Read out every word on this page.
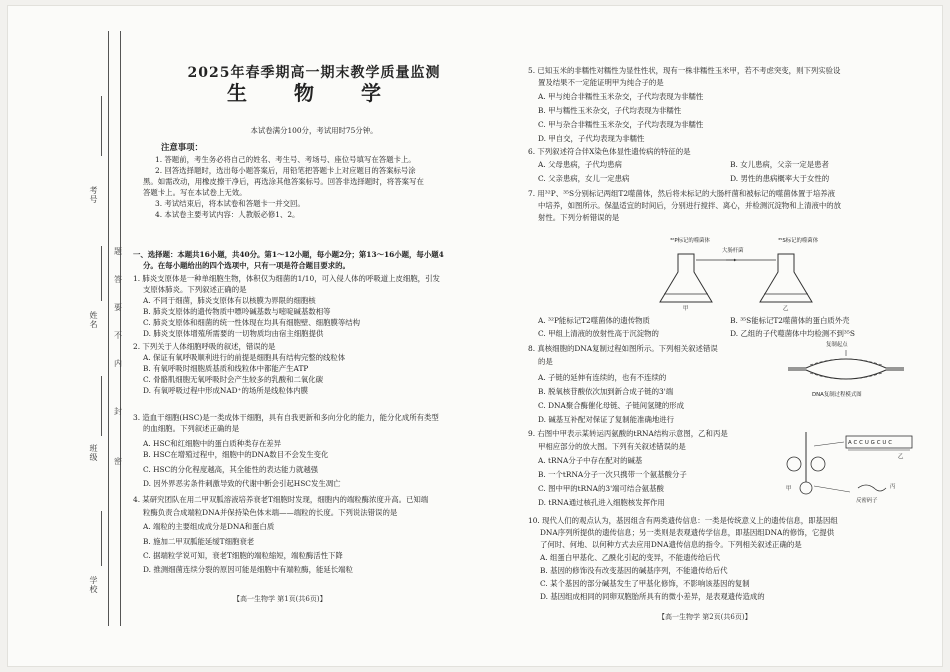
考号
姓名
班级
学校
题
答
要
不
内
封
密
2025年春季期高一期末教学质量监测
生 物 学
本试卷满分100分，考试用时75分钟。
注意事项：
1. 答题前，考生务必将自己的姓名、考生号、考场号、座位号填写在答题卡上。
2. 回答选择题时，选出每小题答案后，用铅笔把答题卡上对应题目的答案标号涂
黑。如需改动，用橡皮擦干净后，再选涂其他答案标号。回答非选择题时，将答案写在
答题卡上。写在本试卷上无效。
3. 考试结束后，将本试卷和答题卡一并交回。
4. 本试卷主要考试内容：人教版必修1、2。
一、选择题：本题共16小题，共40分。第1～12小题，每小题2分；第13～16小题，每小题4
分。在每小题给出的四个选项中，只有一项是符合题目要求的。
1. 肺炎支原体是一种单细胞生物，体积仅为细菌的1/10，可入侵人体的呼吸道上皮细胞，引发
支原体肺炎。下列叙述正确的是
A. 不同于细菌，肺炎支原体有以核膜为界限的细胞核
B. 肺炎支原体的遗传物质中嘌呤碱基数与嘧啶碱基数相等
C. 肺炎支原体和细菌的统一性体现在均具有细胞壁、细胞膜等结构
D. 肺炎支原体增殖所需要的一切物质均由宿主细胞提供
2. 下列关于人体细胞呼吸的叙述，错误的是
A. 保证有氧呼吸顺利进行的前提是细胞具有结构完整的线粒体
B. 有氧呼吸时细胞质基质和线粒体中都能产生ATP
C. 骨骼肌细胞无氧呼吸时会产生较多的乳酸和二氧化碳
D. 有氧呼吸过程中形成NAD⁺的场所是线粒体内膜
3. 造血干细胞(HSC)是一类成体干细胞，具有自我更新和多向分化的能力，能分化成所有类型
的血细胞。下列叙述正确的是
A. HSC和红细胞中的蛋白质种类存在差异
B. HSC在增殖过程中，细胞中的DNA数目不会发生变化
C. HSC的分化程度越高，其全能性的表达能力就越强
D. 因外界恶劣条件刺激导致的代谢中断会引起HSC发生凋亡
4. 某研究团队在用二甲双胍溶液培养衰老T细胞时发现，细胞内的端粒酶浓度升高。已知端
粒酶负责合成端粒DNA并保持染色体末端——端粒的长度。下列说法错误的是
A. 端粒的主要组成成分是DNA和蛋白质
B. 施加二甲双胍能延缓T细胞衰老
C. 据端粒学说可知，衰老T细胞的端粒缩短，端粒酶活性下降
D. 推测细菌连续分裂的原因可能是细胞中有端粒酶，能延长端粒
【高一生物学 第1页(共6页)】
5. 已知玉米的非糯性对糯性为显性性状，现有一株非糯性玉米甲，若不考虑突变，则下列实验设
置及结果不一定能证明甲为纯合子的是
A. 甲与纯合非糯性玉米杂交，子代均表现为非糯性
B. 甲与糯性玉米杂交，子代均表现为非糯性
C. 甲与杂合非糯性玉米杂交，子代均表现为非糯性
D. 甲自交，子代均表现为非糯性
6. 下列叙述符合伴X染色体显性遗传病的特征的是
A. 父母患病，子代均患病	B. 女儿患病，父亲一定是患者
C. 父亲患病，女儿一定患病	D. 男性的患病概率大于女性的
7. 用³²P、³⁵S分别标记两组T2噬菌体，然后将未标记的大肠杆菌和被标记的噬菌体置于培养液
中培养，如图所示。保温适宜的时间后，分别进行搅拌、离心，并检测沉淀物和上清液中的放
射性。下列分析错误的是
³²P标记的噬菌体
大肠杆菌
³⁵S标记的噬菌体
甲	乙
A. ³²P能标记T2噬菌体的遗传物质	B. ³⁵S能标记T2噬菌体的蛋白质外壳
C. 甲组上清液的放射性高于沉淀物的	D. 乙组的子代噬菌体中均检测不到³⁵S
8. 真核细胞的DNA复制过程如图所示。下列相关叙述错误
的是
A. 子链的延伸有连续的，也有不连续的
B. 脱氧核苷酸依次加到新合成子链的3'端
C. DNA聚合酶催化母链、子链间氢键的形成
D. 碱基互补配对保证了复制能准确地进行
复制起点
DNA复制过程模式图
9. 右图中甲表示某转运丙氨酸的tRNA结构示意图，乙和丙是
甲相应部分的放大图。下列有关叙述错误的是
A. tRNA分子中存在配对的碱基
B. 一个tRNA分子一次只携带一个氨基酸分子
C. 图中甲的tRNA的3'端可结合氨基酸
D. tRNA通过核孔进入细胞核发挥作用
ACCUGCUC
反密码子
甲
乙
丙
10. 现代人们的观点认为，基因组含有两类遗传信息：一类是传统意义上的遗传信息，即基因组
DNA序列所提供的遗传信息；另一类则是表观遗传学信息，即基因组DNA的修饰，它提供
了何时、何地、以何种方式去应用DNA遗传信息的指令。下列相关叙述正确的是
A. 组蛋白甲基化、乙酰化引起的变异，不能遗传给后代
B. 基因的修饰没有改变基因的碱基序列，不能遗传给后代
C. 某个基因的部分碱基发生了甲基化修饰，不影响该基因的复制
D. 基因组成相同的同卵双胞胎所具有的微小差异，是表观遗传造成的
【高一生物学 第2页(共6页)】
